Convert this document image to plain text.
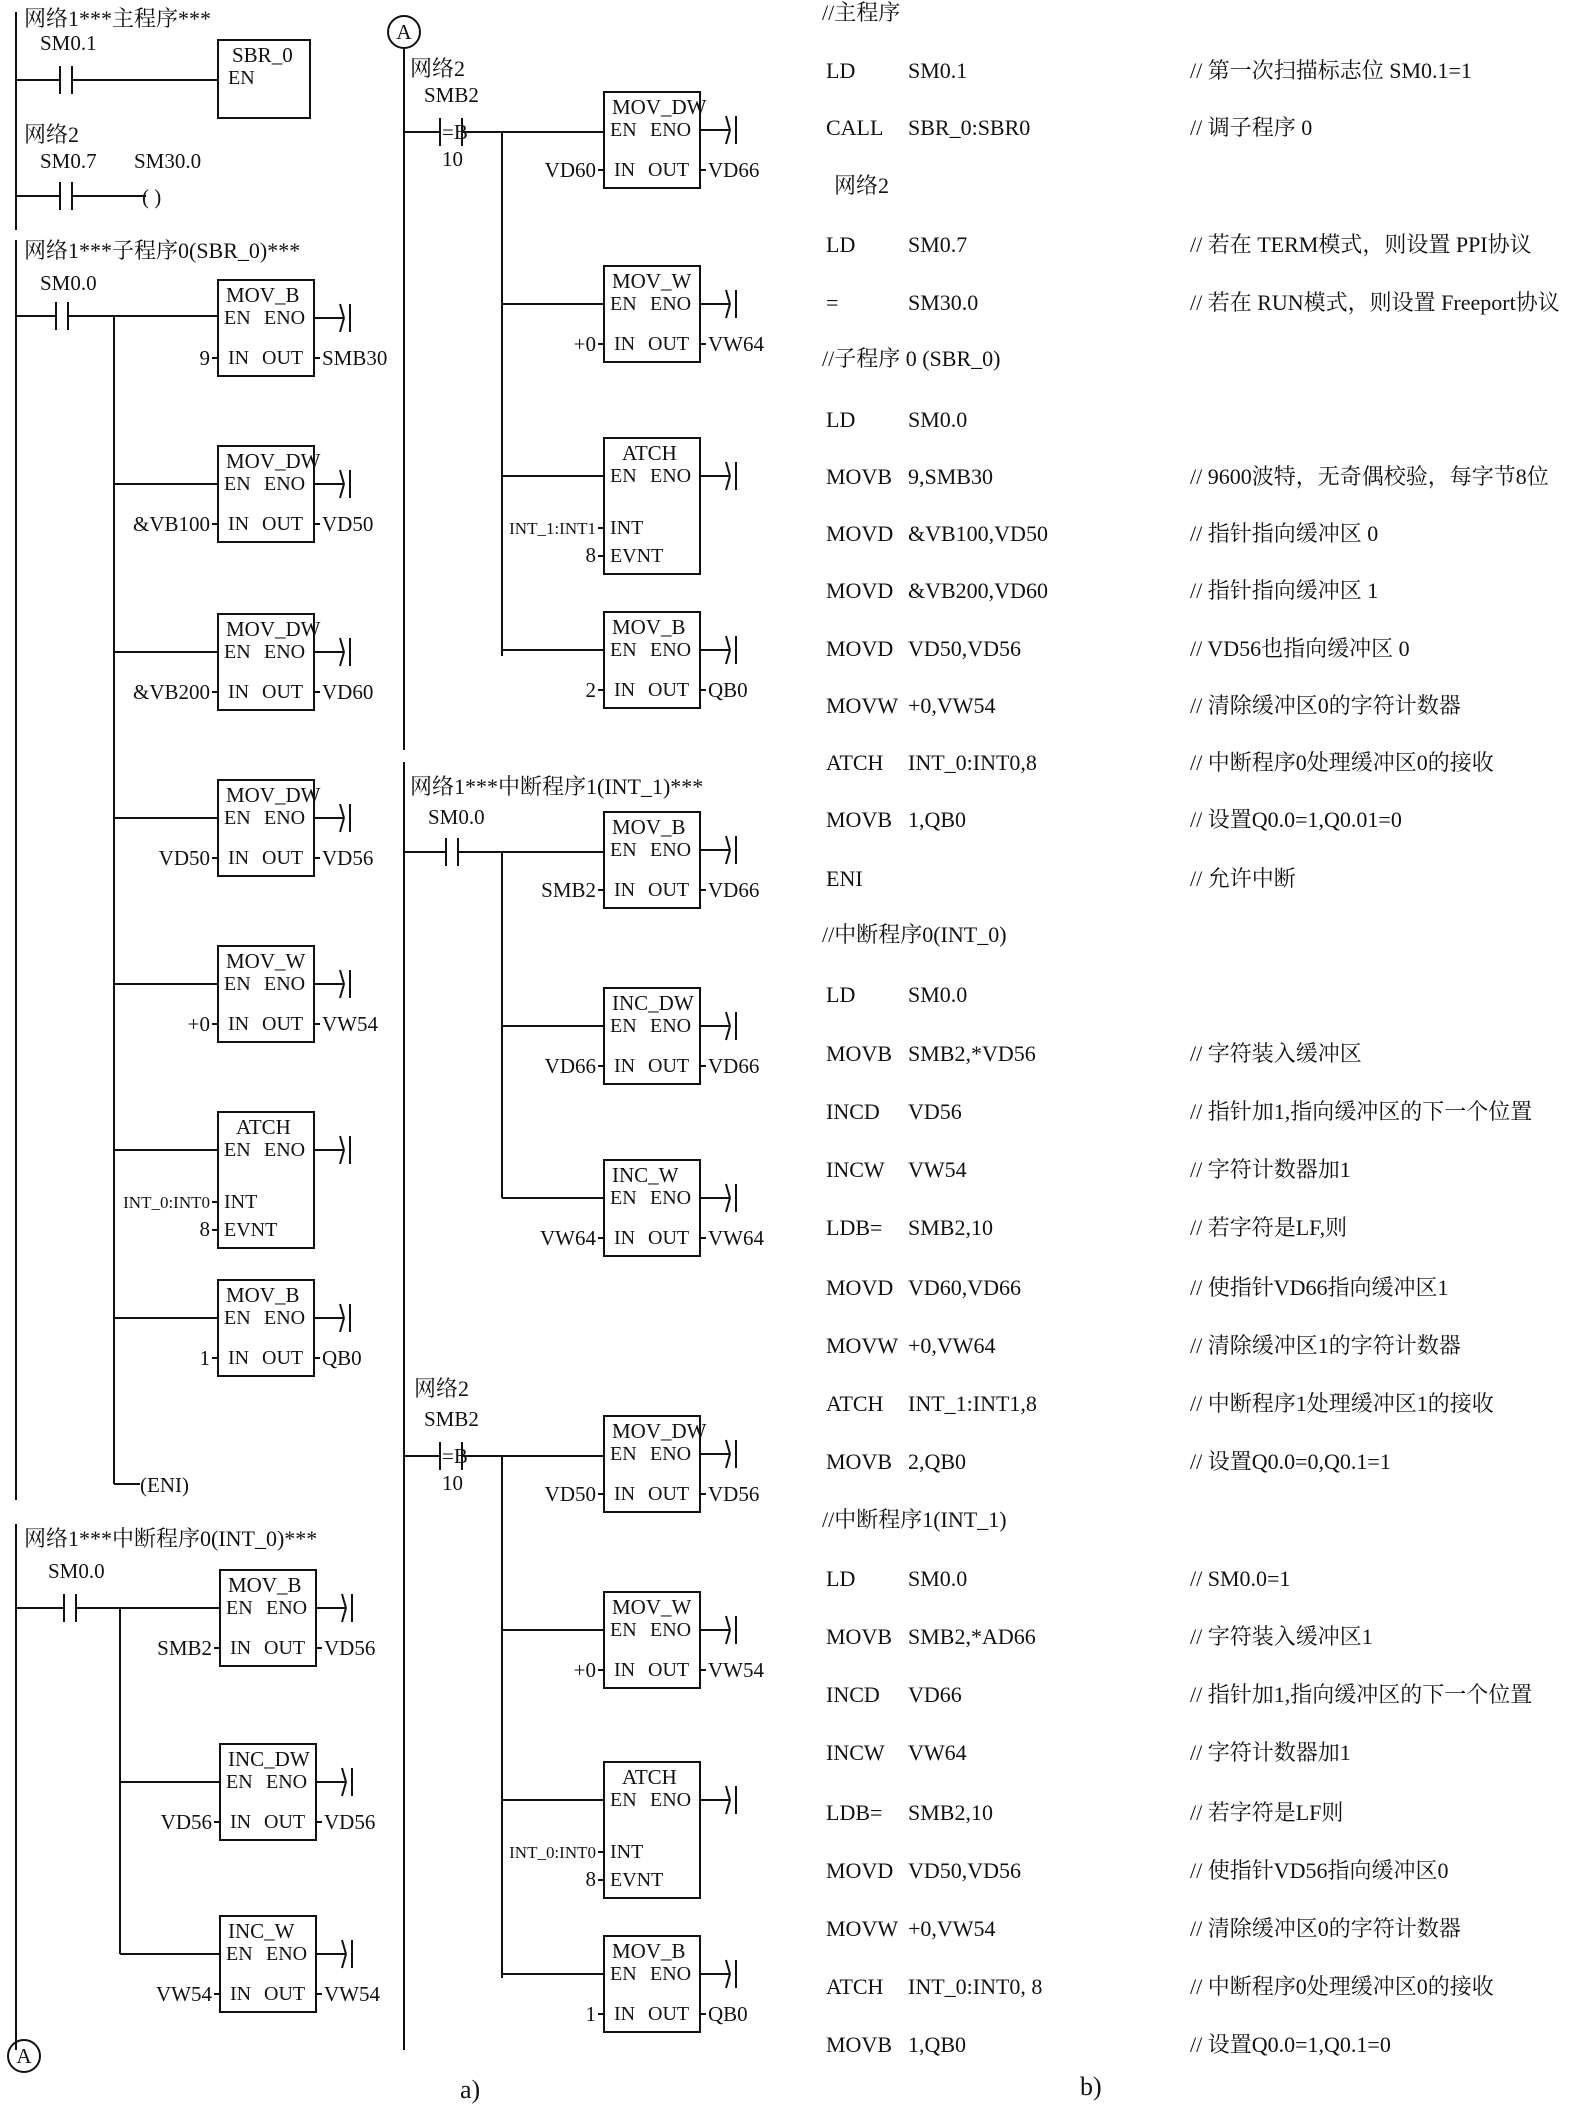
网络1***主程序***
SM0.1	SBR_0
EN
网络2
SM0.7 SM30.0
( )
网络1***子程序0(SBR_0)***
SM0.0	MOV_B
EN ENO
IN OUT
9	SMB30
MOV_DW
EN ENO
IN OUT
&VB100	VD50
MOV_DW
EN ENO
IN OUT
&VB200	VD60
MOV_DW
EN ENO
IN OUT
VD50	VD56
MOV_W
EN ENO
IN OUT
+0	VW54
ATCH
EN ENO
INT
EVNT
INT_0:INT0
8
MOV_B
EN ENO
IN OUT
1	QB0
(ENI)
网络1***中断程序0(INT_0)***
SM0.0
MOV_B
EN ENO
IN OUT
SMB2	VD56
INC_DW
EN ENO
IN OUT
VD56	VD56
INC_W
EN ENO
IN OUT
VW54	VW54
A
A
网络2
SMB2
=B
10
MOV_DW
EN ENO
IN OUT
VD60	VD66
MOV_W
EN ENO
IN OUT
+0	VW64
ATCH
EN ENO
INT
EVNT
INT_1:INT1
8
MOV_B
EN ENO
IN OUT
2	QB0
网络1***中断程序1(INT_1)***
SM0.0	MOV_B
EN ENO
IN OUT
SMB2	VD66
INC_DW
EN ENO
IN OUT
VD66	VD66
INC_W
EN ENO
IN OUT
VW64	VW64
网络2
SMB2
=B
10
MOV_DW
EN ENO
IN OUT
VD50	VD56
MOV_W
EN ENO
IN OUT
+0	VW54
ATCH
EN ENO
INT
EVNT
INT_0:INT0
8
MOV_B
EN ENO
IN OUT
1	QB0
a)
//主程序
LD SM0.1	// 第一次扫描标志位 SM0.1=1
CALL SBR_0:SBR0	// 调子程序 0
网络2
LD SM0.7	// 若在 TERM模式，则设置 PPI协议
=	SM30.0	// 若在 RUN模式，则设置 Freeport协议
//子程序 0 (SBR_0)
LD SM0.0
MOVB 9,SMB30	// 9600波特，无奇偶校验，每字节8位
MOVD &VB100,VD50	// 指针指向缓冲区 0
MOVD &VB200,VD60	// 指针指向缓冲区 1
MOVD VD50,VD56	// VD56也指向缓冲区 0
MOVW +0,VW54	// 清除缓冲区0的字符计数器
ATCH INT_0:INT0,8	// 中断程序0处理缓冲区0的接收
MOVB 1,QB0	// 设置Q0.0=1,Q0.01=0
ENI	// 允许中断
//中断程序0(INT_0)
LD SM0.0
MOVB SMB2,*VD56	// 字符装入缓冲区
INCD VD56	// 指针加1,指向缓冲区的下一个位置
INCW VW54	// 字符计数器加1
LDB= SMB2,10	// 若字符是LF,则
MOVD VD60,VD66	// 使指针VD66指向缓冲区1
MOVW +0,VW64	// 清除缓冲区1的字符计数器
ATCH INT_1:INT1,8	// 中断程序1处理缓冲区1的接收
MOVB 2,QB0	// 设置Q0.0=0,Q0.1=1
//中断程序1(INT_1)
LD SM0.0	// SM0.0=1
MOVB SMB2,*AD66	// 字符装入缓冲区1
INCD VD66	// 指针加1,指向缓冲区的下一个位置
INCW VW64	// 字符计数器加1
LDB= SMB2,10	// 若字符是LF则
MOVD VD50,VD56	// 使指针VD56指向缓冲区0
MOVW +0,VW54	// 清除缓冲区0的字符计数器
ATCH INT_0:INT0, 8	// 中断程序0处理缓冲区0的接收
MOVB 1,QB0	// 设置Q0.0=1,Q0.1=0
b)
